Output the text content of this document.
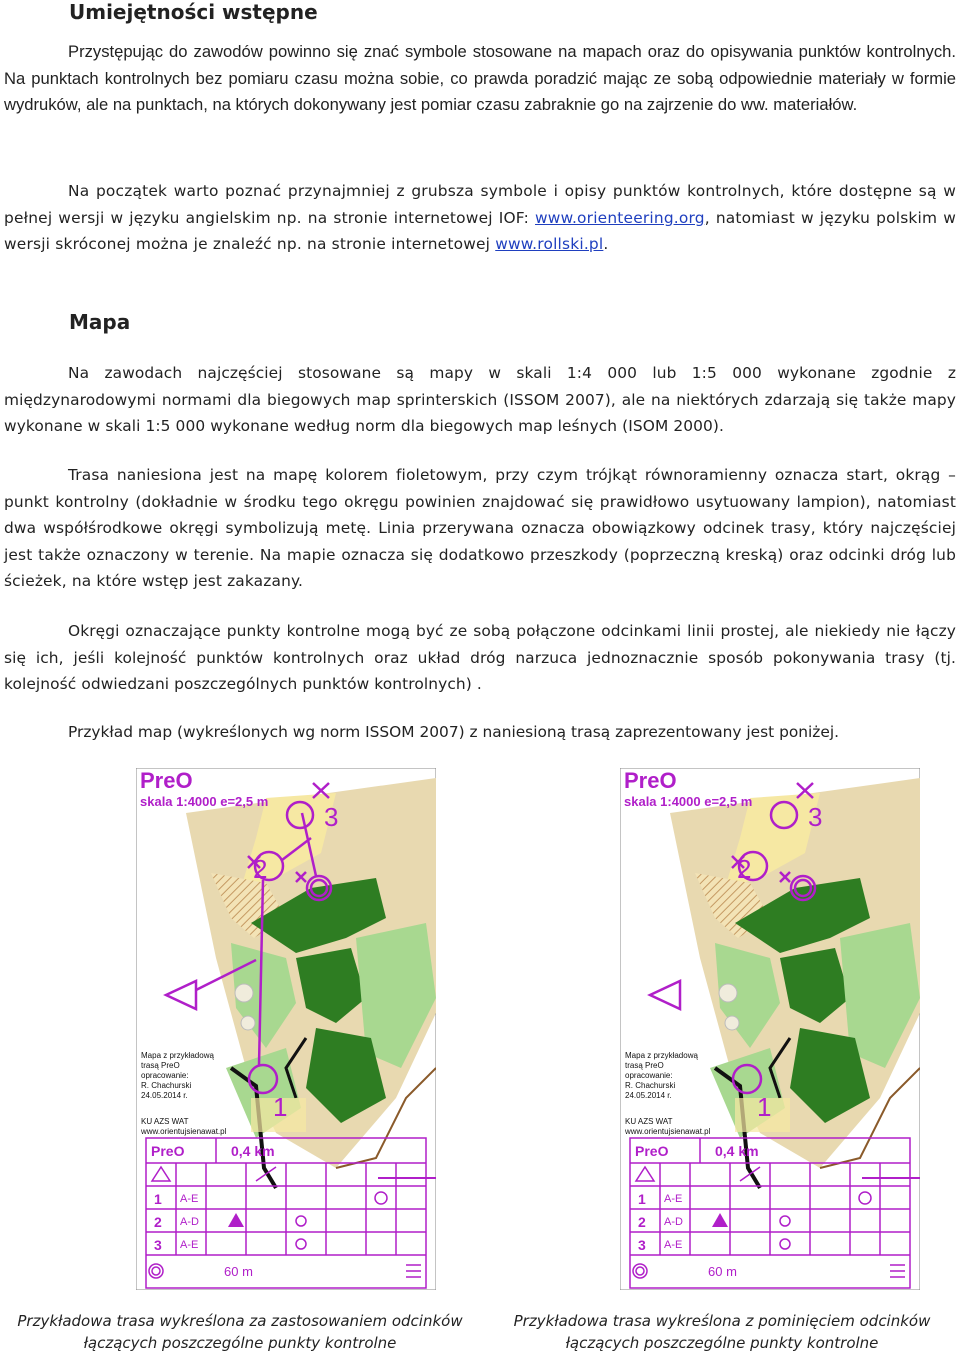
Umiejętności wstępne

Przystępując do zawodów powinno się znać symbole stosowane na mapach oraz do opisywania punktów kontrolnych. Na punktach kontrolnych bez pomiaru czasu można sobie, co prawda poradzić mając ze sobą odpowiednie materiały w formie wydruków, ale na punktach, na których dokonywany jest pomiar czasu zabraknie go na zajrzenie do ww. materiałów.

Na początek warto poznać przynajmniej z grubsza symbole i opisy punktów kontrolnych, które dostępne są w pełnej wersji w języku angielskim np. na stronie internetowej IOF: www.orienteering.org, natomiast w języku polskim w wersji skróconej można je znaleźć np. na stronie internetowej www.rollski.pl.

Mapa

Na zawodach najczęściej stosowane są mapy w skali 1:4 000 lub 1:5 000 wykonane zgodnie z międzynarodowymi normami dla biegowych map sprinterskich (ISSOM 2007), ale na niektórych zdarzają się także mapy wykonane w skali 1:5 000 wykonane według norm dla biegowych map leśnych (ISOM 2000).

Trasa naniesiona jest na mapę kolorem fioletowym, przy czym trójkąt równoramienny oznacza start, okrąg – punkt kontrolny (dokładnie w środku tego okręgu powinien znajdować się prawidłowo usytuowany lampion), natomiast dwa współśrodkowe okręgi symbolizują metę. Linia przerywana oznacza obowiązkowy odcinek trasy, który najczęściej jest także oznaczony w terenie. Na mapie oznacza się dodatkowo przeszkody (poprzeczną kreską) oraz odcinki dróg lub ścieżek, na które wstęp jest zakazany.

Okręgi oznaczające punkty kontrolne mogą być ze sobą połączone odcinkami linii prostej, ale niekiedy nie łączy się ich, jeśli kolejność punktów kontrolnych oraz układ dróg narzuca jednoznacznie sposób pokonywania trasy (tj. kolejność odwiedzani poszczególnych punktów kontrolnych) .

Przykład map (wykreślonych wg norm ISSOM 2007) z naniesioną trasą zaprezentowany jest poniżej.

PreO
skala 1:4000 e=2,5 m
3
2
1
Mapa z przykładową
trasą PreO
opracowanie:
R. Chachurski
24.05.2014 r.
KU AZS WAT
www.orientujsienawat.pl
PreO	0,4 km
1 A-E
2 A-D
3 A-E
60 m
PreO
skala 1:4000 e=2,5 m
3
2
1
Mapa z przykładową
trasą PreO
opracowanie:
R. Chachurski
24.05.2014 r.
KU AZS WAT
www.orientujsienawat.pl
PreO	0,4 km
1 A-E
2 A-D
3 A-E
60 m
Przykładowa trasa wykreślona za zastosowaniem odcinków
łączących poszczególne punkty kontrolne
Przykładowa trasa wykreślona z pominięciem odcinków
łączących poszczególne punkty kontrolne
